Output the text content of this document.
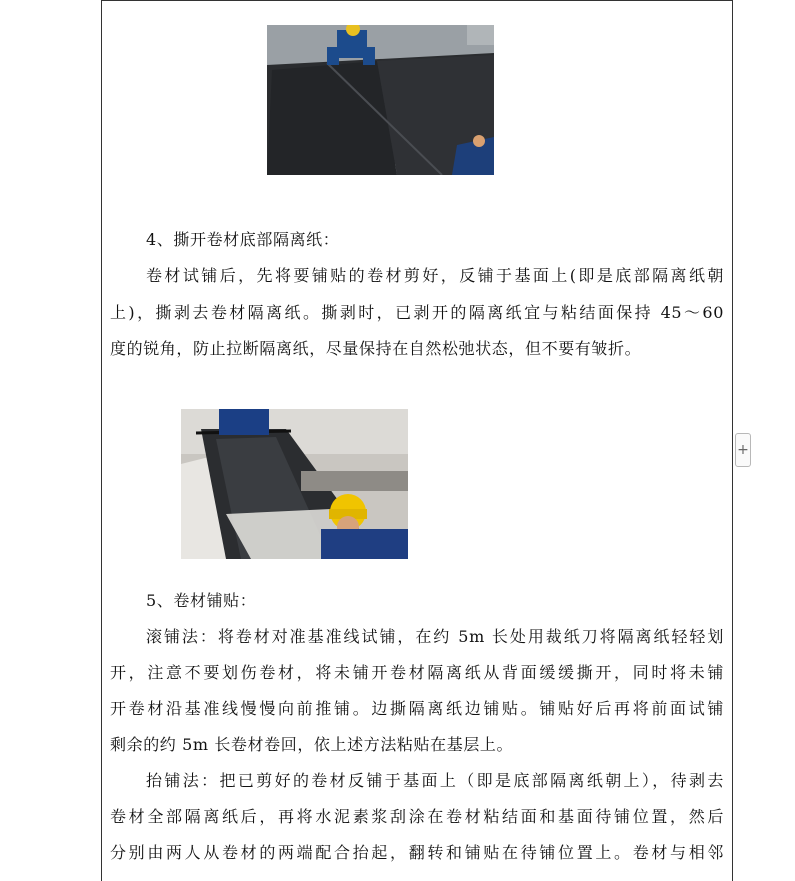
4、撕开卷材底部隔离纸：
卷材试铺后，先将要铺贴的卷材剪好，反铺于基面上(即是底部隔离纸朝
上)，撕剥去卷材隔离纸。撕剥时，已剥开的隔离纸宜与粘结面保持 45～60
度的锐角，防止拉断隔离纸，尽量保持在自然松弛状态，但不要有皱折。
5、卷材铺贴：
滚铺法：将卷材对准基准线试铺，在约 5m 长处用裁纸刀将隔离纸轻轻划
开，注意不要划伤卷材，将未铺开卷材隔离纸从背面缓缓撕开，同时将未铺
开卷材沿基准线慢慢向前推铺。边撕隔离纸边铺贴。铺贴好后再将前面试铺
剩余的约 5m 长卷材卷回，依上述方法粘贴在基层上。
抬铺法：把已剪好的卷材反铺于基面上（即是底部隔离纸朝上），待剥去
卷材全部隔离纸后，再将水泥素浆刮涂在卷材粘结面和基面待铺位置，然后
分别由两人从卷材的两端配合抬起，翻转和铺贴在待铺位置上。卷材与相邻
+
